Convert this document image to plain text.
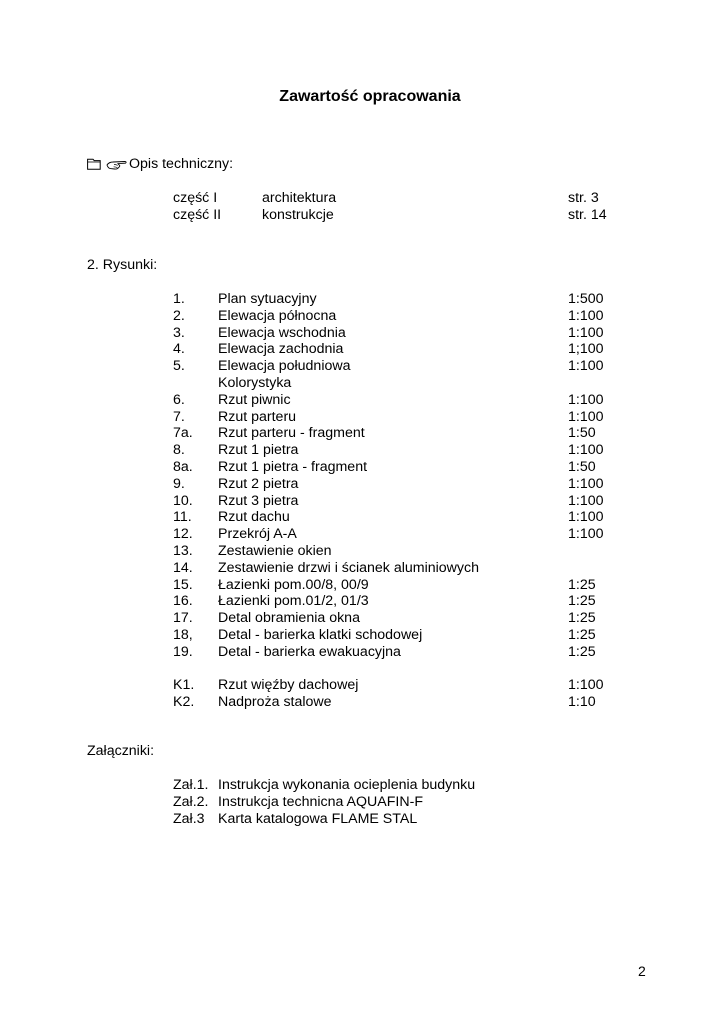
Zawartość opracowania
Opis techniczny:
część I	architektura	str. 3
część II	konstrukcje	str. 14
2. Rysunki:
1. Plan sytuacyjny	1:500
2. Elewacja północna	1:100
3. Elewacja wschodnia	1:100
4. Elewacja zachodnia	1;100
5. Elewacja południowa	1:100
Kolorystyka
6. Rzut piwnic	1:100
7. Rzut parteru	1:100
7a. Rzut parteru - fragment	1:50
8. Rzut 1 pietra	1:100
8a. Rzut 1 pietra - fragment	1:50
9. Rzut 2 pietra	1:100
10. Rzut 3 pietra	1:100
11. Rzut dachu	1:100
12. Przekrój A-A	1:100
13. Zestawienie okien
14. Zestawienie drzwi i ścianek aluminiowych
15. Łazienki pom.00/8, 00/9	1:25
16. Łazienki pom.01/2, 01/3	1:25
17. Detal obramienia okna	1:25
18, Detal - barierka klatki schodowej	1:25
19. Detal - barierka ewakuacyjna	1:25
K1. Rzut więźby dachowej	1:100
K2. Nadproża stalowe	1:10
Załączniki:
Zał.1. Instrukcja wykonania ocieplenia budynku
Zał.2. Instrukcja technicna AQUAFIN-F
Zał.3 Karta katalogowa FLAME STAL
2
